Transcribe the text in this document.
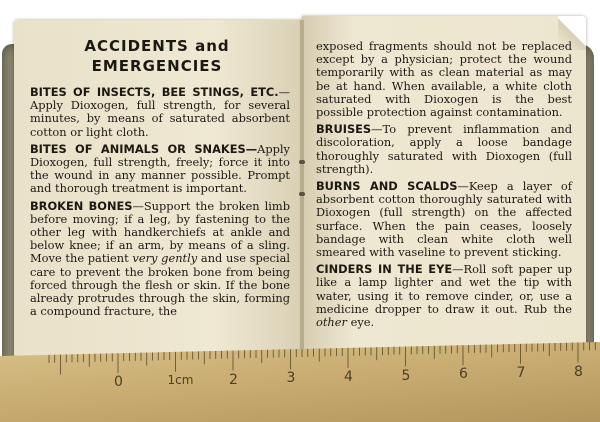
ACCIDENTS and
EMERGENCIES

BITES OF INSECTS, BEE STINGS, ETC.—Apply Dioxogen, full strength, for several minutes, by means of saturated absorbent cotton or light cloth.

BITES OF ANIMALS OR SNAKES—Apply Dioxogen, full strength, freely; force it into the wound in any manner possible. Prompt and thorough treatment is important.

BROKEN BONES—Support the broken limb before moving; if a leg, by fastening to the other leg with handkerchiefs at ankle and below knee; if an arm, by means of a sling. Move the patient very gently and use special care to prevent the broken bone from being forced through the flesh or skin. If the bone already protrudes through the skin, forming a compound fracture, the

exposed fragments should not be replaced except by a physician; protect the wound temporarily with as clean material as may be at hand. When available, a white cloth saturated with Dioxogen is the best possible protection against contamination.

BRUISES—To prevent inflammation and discoloration, apply a loose bandage thoroughly saturated with Dioxogen (full strength).

BURNS AND SCALDS—Keep a layer of absorbent cotton thoroughly saturated with Dioxogen (full strength) on the affected surface. When the pain ceases, loosely bandage with clean white cloth well smeared with vaseline to prevent sticking.

CINDERS IN THE EYE—Roll soft paper up like a lamp lighter and wet the tip with water, using it to remove cinder, or, use a medicine dropper to draw it out. Rub the other eye.

0	1cm	2	3	4	5	6	7	8
